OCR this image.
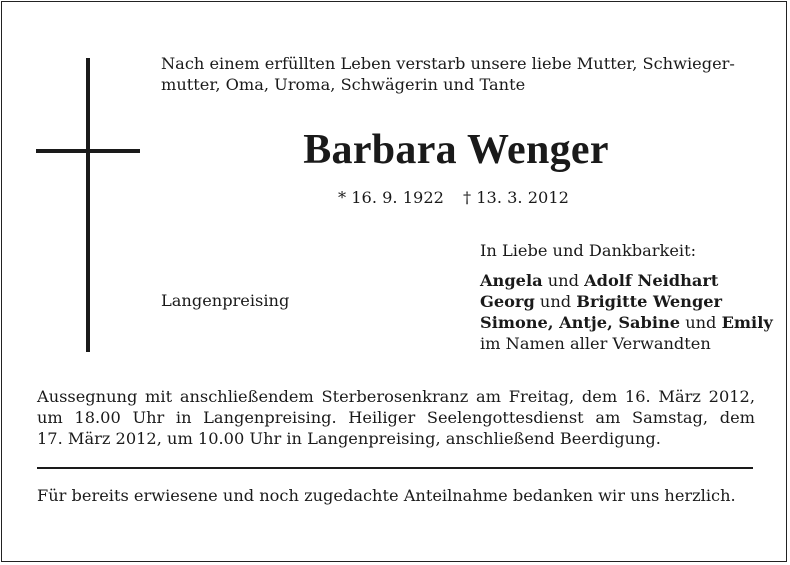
Nach einem erfüllten Leben verstarb unsere liebe Mutter, Schwieger-
mutter, Oma, Uroma, Schwägerin und Tante
Barbara Wenger
* 16. 9. 1922 † 13. 3. 2012
In Liebe und Dankbarkeit:
Angela und Adolf Neidhart
Georg und Brigitte Wenger
Simone, Antje, Sabine und Emily
im Namen aller Verwandten
Langenpreising
Aussegnung mit anschließendem Sterberosenkranz am Freitag, dem 16. März 2012,
um 18.00 Uhr in Langenpreising. Heiliger Seelengottesdienst am Samstag, dem
17. März 2012, um 10.00 Uhr in Langenpreising, anschließend Beerdigung.
Für bereits erwiesene und noch zugedachte Anteilnahme bedanken wir uns herzlich.
